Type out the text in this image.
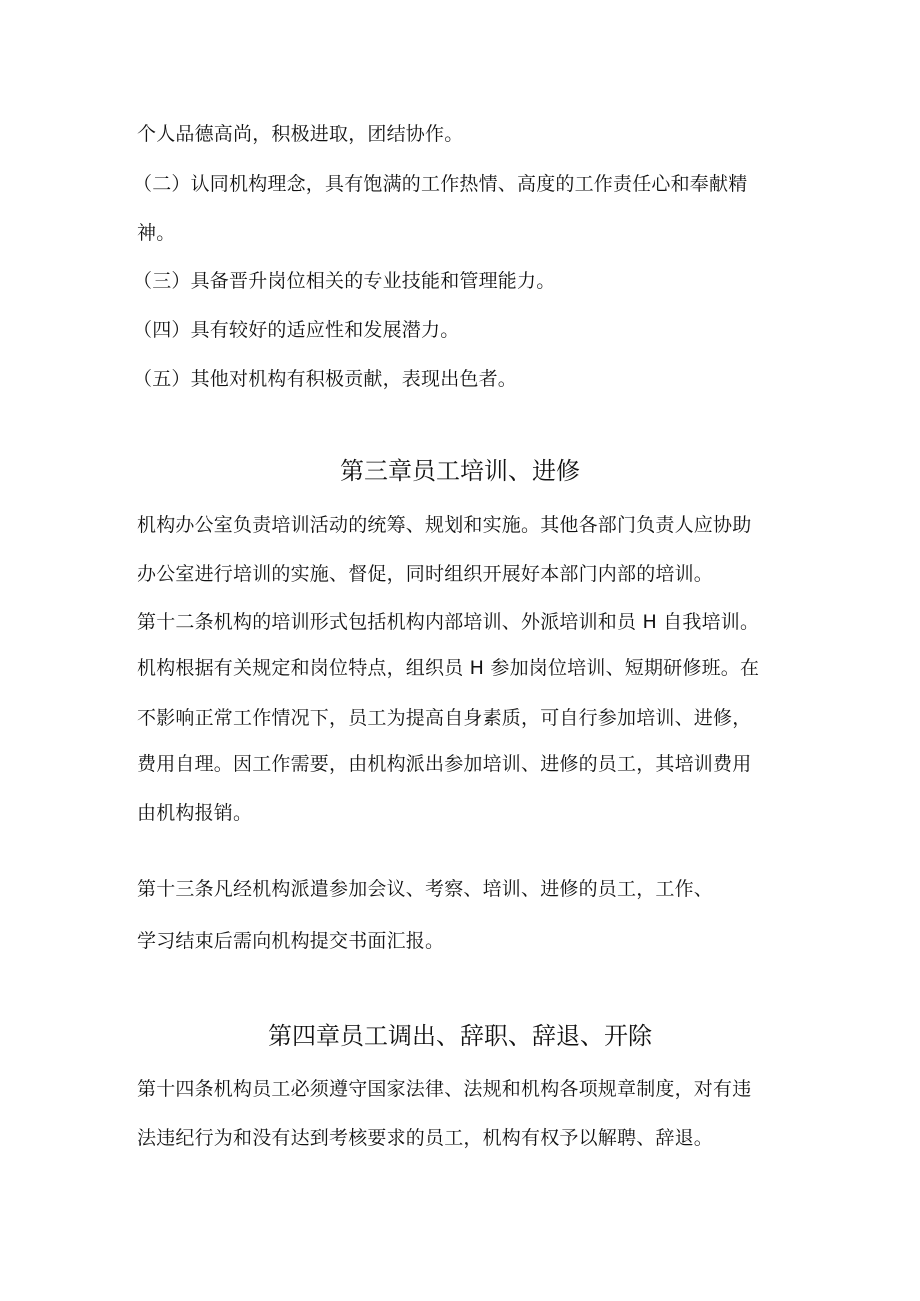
个人品德高尚，积极进取，团结协作。
（二）认同机构理念，具有饱满的工作热情、高度的工作责任心和奉献精
神。
（三）具备晋升岗位相关的专业技能和管理能力。
（四）具有较好的适应性和发展潜力。
（五）其他对机构有积极贡献，表现出色者。
第三章员工培训、进修
机构办公室负责培训活动的统筹、规划和实施。其他各部门负责人应协助
办公室进行培训的实施、督促，同时组织开展好本部门内部的培训。
第十二条机构的培训形式包括机构内部培训、外派培训和员 H 自我培训。
机构根据有关规定和岗位特点，组织员 H 参加岗位培训、短期研修班。在
不影响正常工作情况下，员工为提高自身素质，可自行参加培训、进修，
费用自理。因工作需要，由机构派出参加培训、进修的员工，其培训费用
由机构报销。
第十三条凡经机构派遣参加会议、考察、培训、进修的员工，工作、
学习结束后需向机构提交书面汇报。
第四章员工调出、辞职、辞退、开除
第十四条机构员工必须遵守国家法律、法规和机构各项规章制度，对有违
法违纪行为和没有达到考核要求的员工，机构有权予以解聘、辞退。
